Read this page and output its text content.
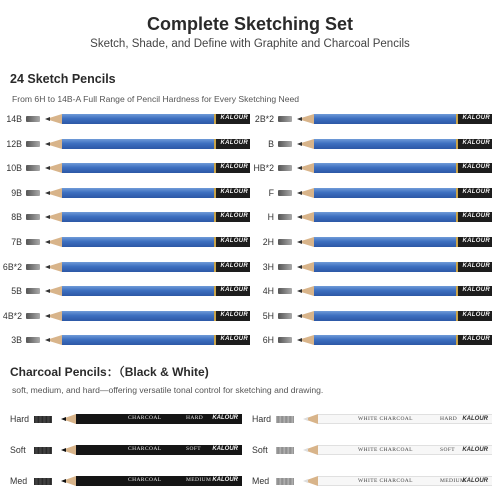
Complete Sketching Set
Sketch, Shade, and Define with Graphite and Charcoal Pencils
24 Sketch Pencils
From 6H to 14B-A Full Range of Pencil Hardness for Every Sketching Need
14B	KALOUR
12B	KALOUR
10B	KALOUR
9B	KALOUR
8B	KALOUR
7B	KALOUR
6B*2	KALOUR
5B	KALOUR
4B*2	KALOUR
3B	KALOUR
2B*2	KALOUR
B	KALOUR
HB*2	KALOUR
F	KALOUR
H	KALOUR
2H	KALOUR
3H	KALOUR
4H	KALOUR
5H	KALOUR
6H	KALOUR
Charcoal Pencils：（Black & White)
soft, medium, and hard—offering versatile tonal control for sketching and drawing.
Hard	CHARCOAL	HARD KALOUR
Soft	CHARCOAL	SOFT KALOUR
Med	CHARCOAL	MEDIUM KALOUR
Hard	WHITE CHARCOAL	HARD KALOUR
Soft	WHITE CHARCOAL	SOFT KALOUR
Med	WHITE CHARCOAL	MEDIUM
KALOUR
